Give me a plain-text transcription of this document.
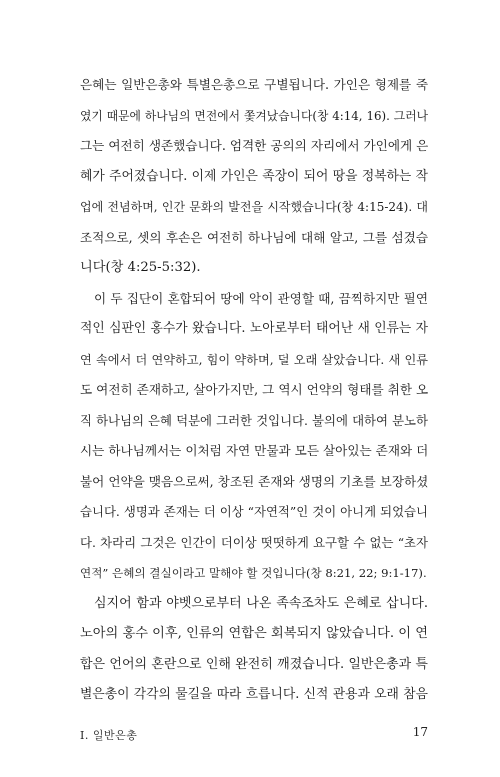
은혜는 일반은총와 특별은총으로 구별됩니다. 가인은 형제를 죽
였기 때문에 하나님의 면전에서 쫓겨났습니다(창 4:14, 16). 그러나
그는 여전히 생존했습니다. 엄격한 공의의 자리에서 가인에게 은
혜가 주어졌습니다. 이제 가인은 족장이 되어 땅을 정복하는 작
업에 전념하며, 인간 문화의 발전을 시작했습니다(창 4:15-24). 대
조적으로, 셋의 후손은 여전히 하나님에 대해 알고, 그를 섬겼습
니다(창 4:25-5:32).
이 두 집단이 혼합되어 땅에 악이 관영할 때, 끔찍하지만 필연
적인 심판인 홍수가 왔습니다. 노아로부터 태어난 새 인류는 자
연 속에서 더 연약하고, 힘이 약하며, 덜 오래 살았습니다. 새 인류
도 여전히 존재하고, 살아가지만, 그 역시 언약의 형태를 취한 오
직 하나님의 은혜 덕분에 그러한 것입니다. 불의에 대하여 분노하
시는 하나님께서는 이처럼 자연 만물과 모든 살아있는 존재와 더
불어 언약을 맺음으로써, 창조된 존재와 생명의 기초를 보장하셨
습니다. 생명과 존재는 더 이상 “자연적”인 것이 아니게 되었습니
다. 차라리 그것은 인간이 더이상 떳떳하게 요구할 수 없는 “초자
연적” 은혜의 결실이라고 말해야 할 것입니다(창 8:21, 22; 9:1-17).
심지어 함과 야벳으로부터 나온 족속조차도 은혜로 삽니다.
노아의 홍수 이후, 인류의 연합은 회복되지 않았습니다. 이 연
합은 언어의 혼란으로 인해 완전히 깨졌습니다. 일반은총과 특
별은총이 각각의 물길을 따라 흐릅니다. 신적 관용과 오래 참음
I. 일반은총	17
